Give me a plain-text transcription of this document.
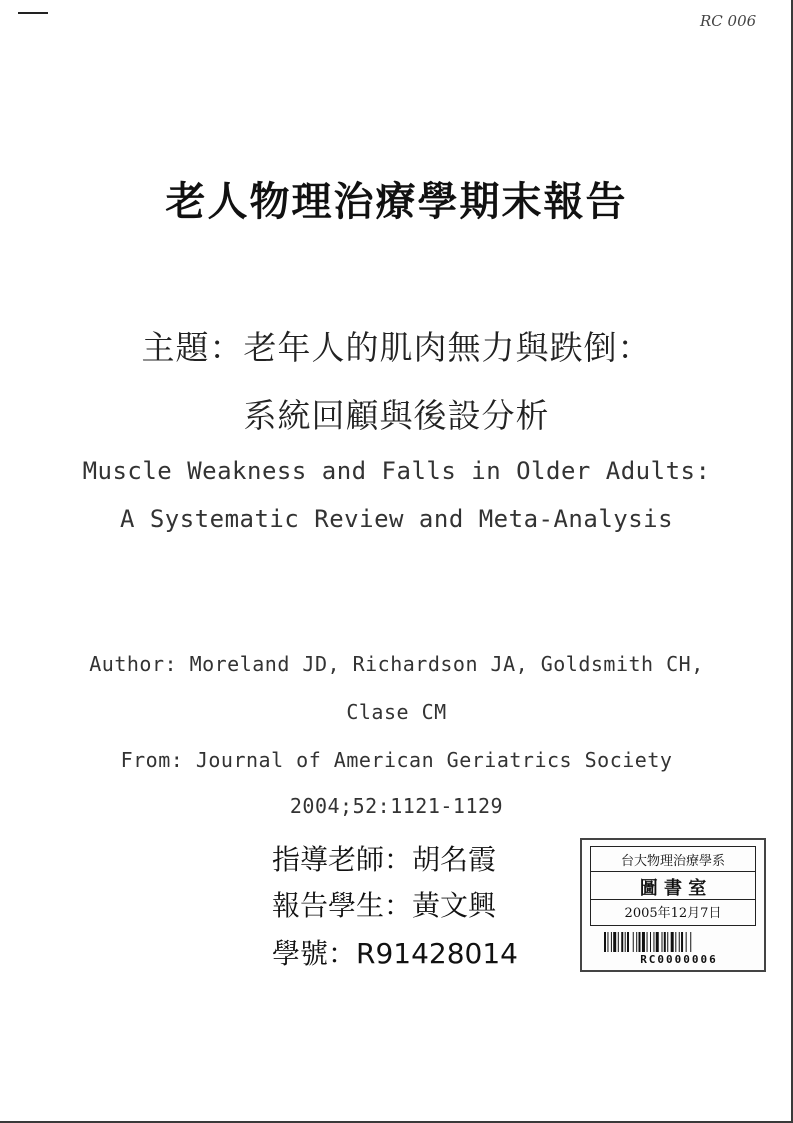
RC 006
老人物理治療學期末報告
主題：老年人的肌肉無力與跌倒：
系統回顧與後設分析
Muscle Weakness and Falls in Older Adults:
A Systematic Review and Meta-Analysis
Author: Moreland JD, Richardson JA, Goldsmith CH,
Clase CM
From: Journal of American Geriatrics Society
2004;52:1121-1129
指導老師：胡名霞
報告學生：黃文興
學號：R91428014
台大物理治療學系
圖 書 室
2005年12月7日
RC0000006
